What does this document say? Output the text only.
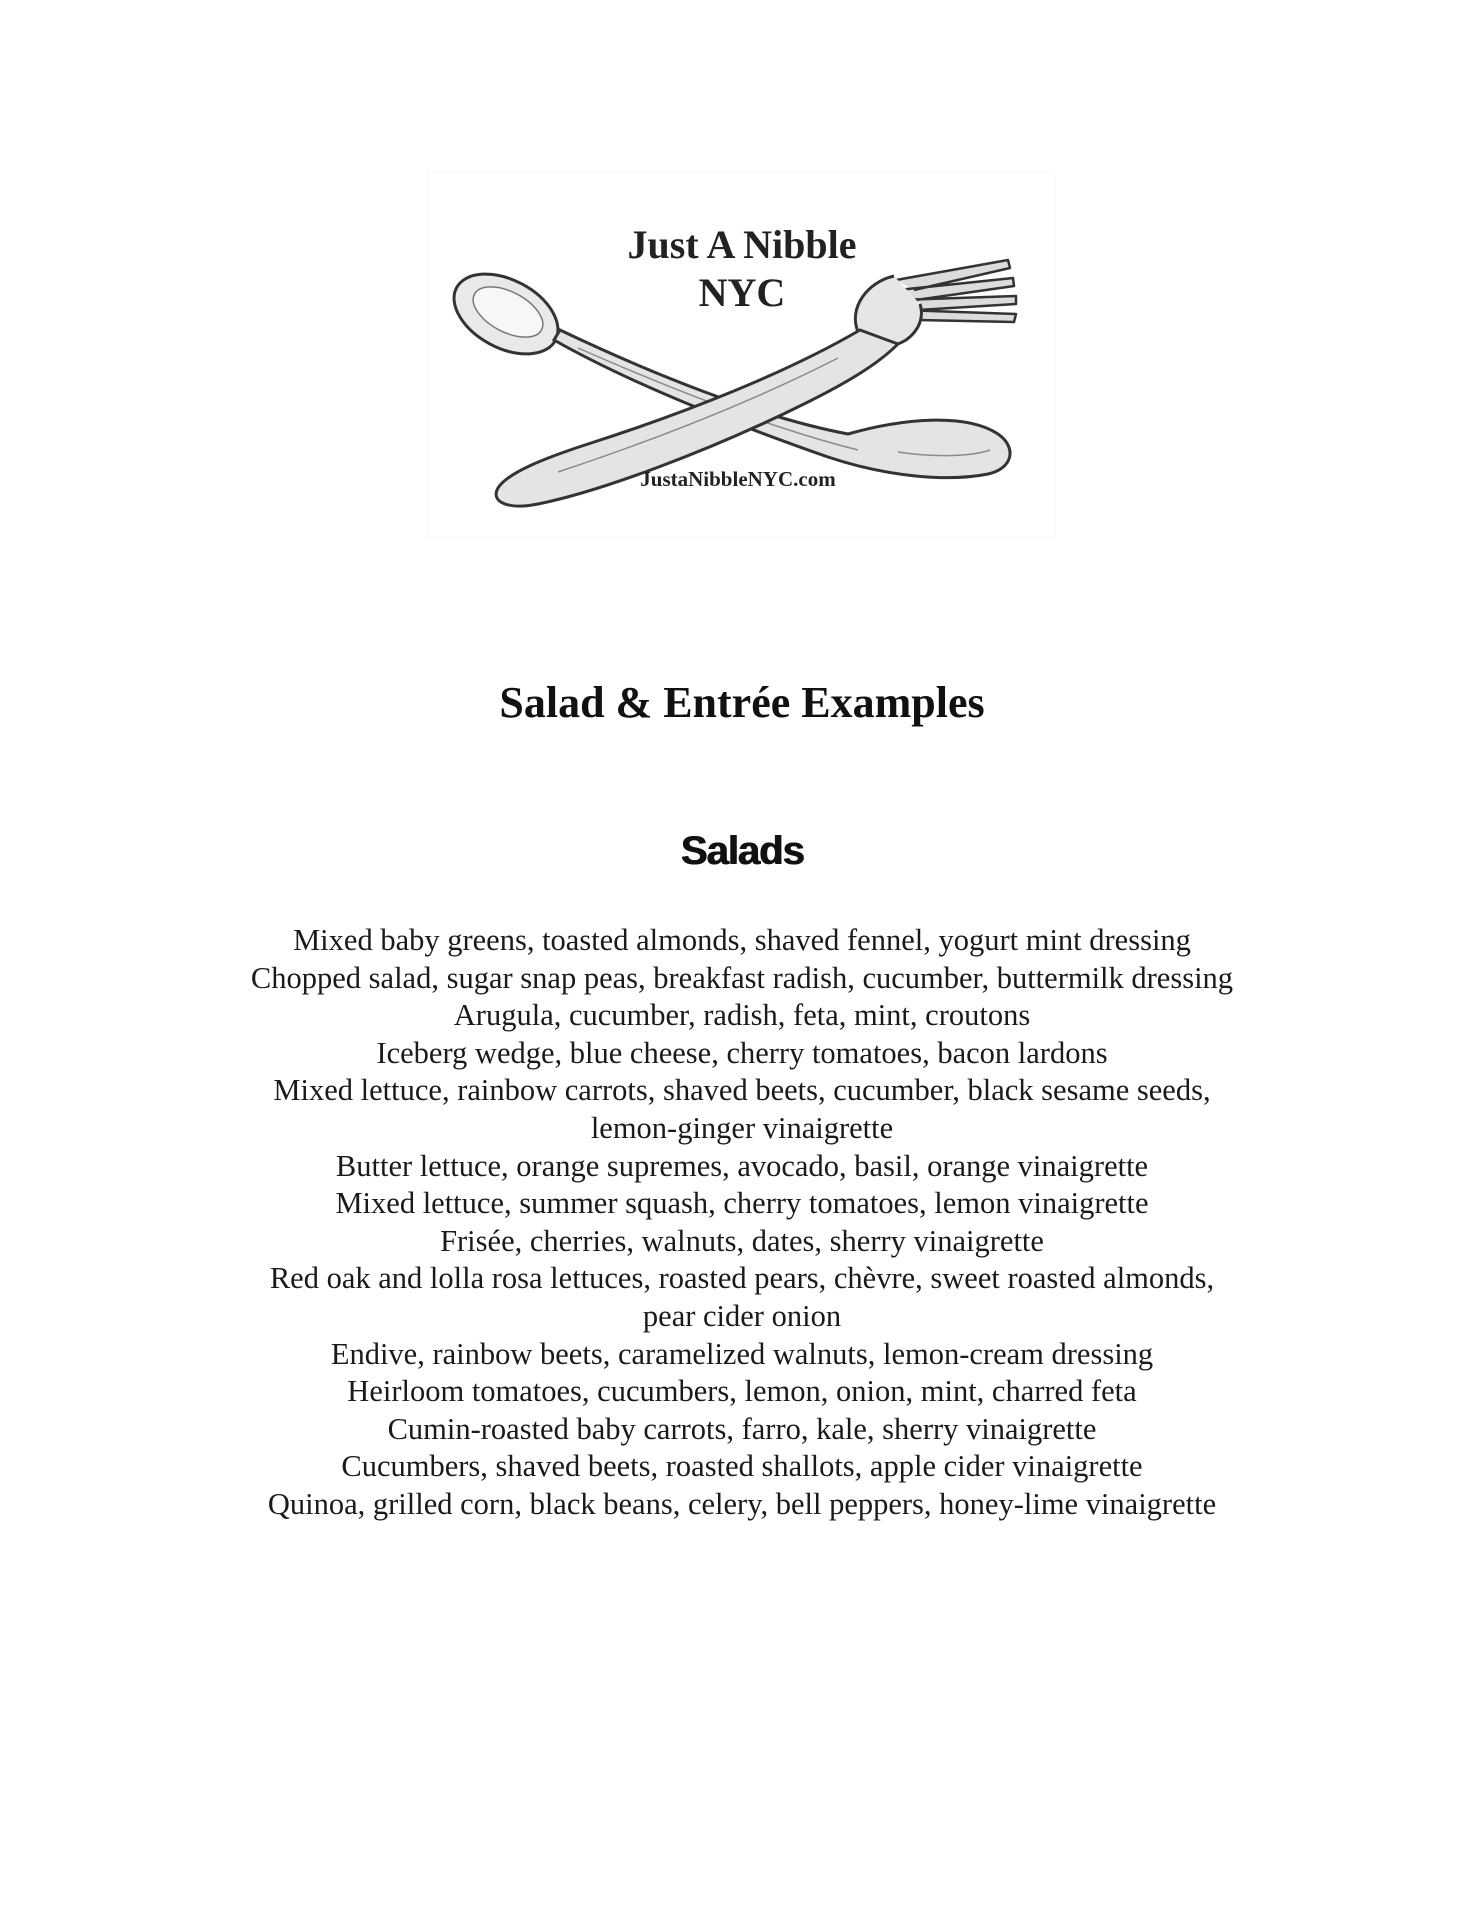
Just A Nibble
NYC
JustaNibbleNYC.com
Salad & Entrée Examples
Salads
Mixed baby greens, toasted almonds, shaved fennel, yogurt mint dressing
Chopped salad, sugar snap peas, breakfast radish, cucumber, buttermilk dressing
Arugula, cucumber, radish, feta, mint, croutons
Iceberg wedge, blue cheese, cherry tomatoes, bacon lardons
Mixed lettuce, rainbow carrots, shaved beets, cucumber, black sesame seeds,
lemon-ginger vinaigrette
Butter lettuce, orange supremes, avocado, basil, orange vinaigrette
Mixed lettuce, summer squash, cherry tomatoes, lemon vinaigrette
Frisée, cherries, walnuts, dates, sherry vinaigrette
Red oak and lolla rosa lettuces, roasted pears, chèvre, sweet roasted almonds,
pear cider onion
Endive, rainbow beets, caramelized walnuts, lemon-cream dressing
Heirloom tomatoes, cucumbers, lemon, onion, mint, charred feta
Cumin-roasted baby carrots, farro, kale, sherry vinaigrette
Cucumbers, shaved beets, roasted shallots, apple cider vinaigrette
Quinoa, grilled corn, black beans, celery, bell peppers, honey-lime vinaigrette
